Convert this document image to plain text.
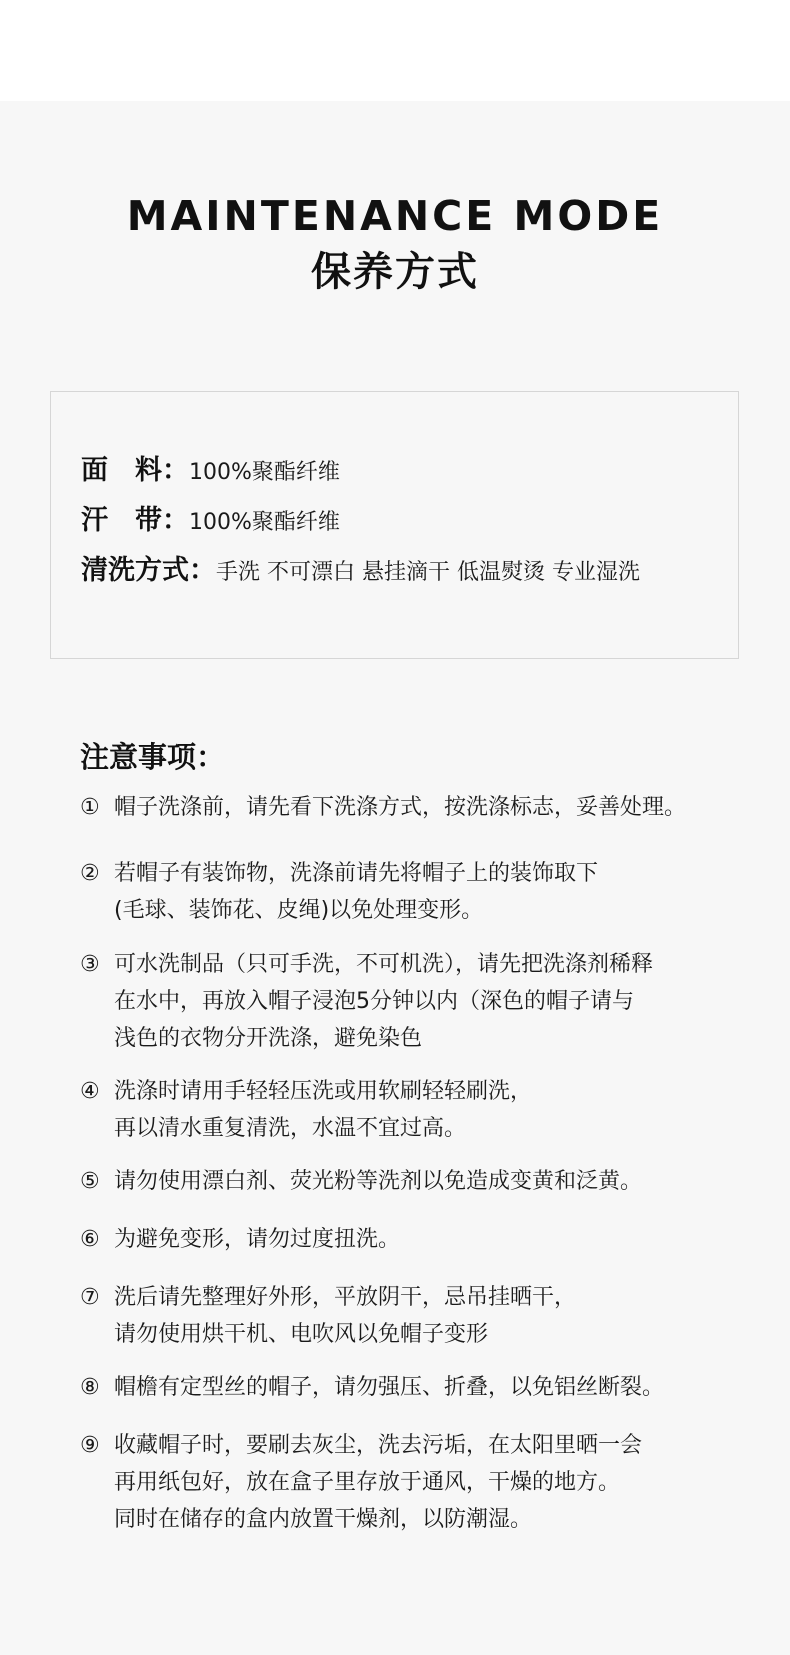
MAINTENANCE MODE
保养方式
面　料： 100%聚酯纤维
汗　带： 100%聚酯纤维
清洗方式： 手洗 不可漂白 悬挂滴干 低温熨烫 专业湿洗
注意事项：
① 帽子洗涤前，请先看下洗涤方式，按洗涤标志，妥善处理。
② 若帽子有装饰物，洗涤前请先将帽子上的装饰取下
(毛球、装饰花、皮绳)以免处理变形。
③ 可水洗制品（只可手洗，不可机洗），请先把洗涤剂稀释
在水中，再放入帽子浸泡5分钟以内（深色的帽子请与
浅色的衣物分开洗涤，避免染色
④ 洗涤时请用手轻轻压洗或用软刷轻轻刷洗，
再以清水重复清洗，水温不宜过高。
⑤ 请勿使用漂白剂、荧光粉等洗剂以免造成变黄和泛黄。
⑥ 为避免变形，请勿过度扭洗。
⑦ 洗后请先整理好外形，平放阴干，忌吊挂晒干，
请勿使用烘干机、电吹风以免帽子变形
⑧ 帽檐有定型丝的帽子，请勿强压、折叠，以免铝丝断裂。
⑨ 收藏帽子时，要刷去灰尘，洗去污垢，在太阳里晒一会
再用纸包好，放在盒子里存放于通风，干燥的地方。
同时在储存的盒内放置干燥剂，以防潮湿。
